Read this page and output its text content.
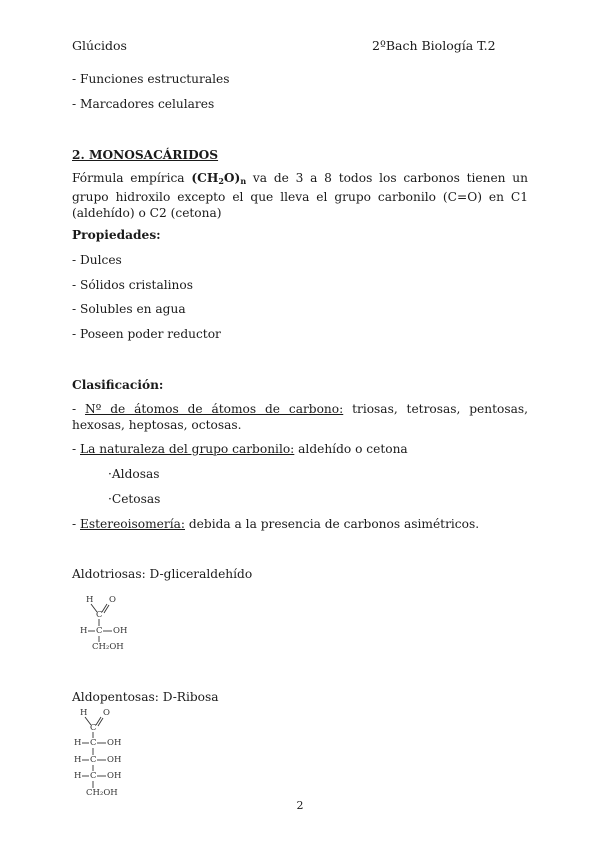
Glúcidos	2ºBach Biología T.2
- Funciones estructurales
- Marcadores celulares
2. MONOSACÁRIDOS
Fórmula empírica $(CH_2O)_n$ va de 3 a 8 todos los carbonos tienen un grupo hidroxilo excepto el que lleva el grupo carbonilo (C=O) en C1 (aldehído) o C2 (cetona)
Propiedades:
- Dulces
- Sólidos cristalinos
- Solubles en agua
- Poseen poder reductor
Clasificación:
- Nº de átomos de átomos de carbono: triosas, tetrosas, pentosas, hexosas, heptosas, octosas.
- La naturaleza del grupo carbonilo: aldehído o cetona
·Aldosas
·Cetosas
- Estereoisomería: debida a la presencia de carbonos asimétricos.
Aldotriosas: D-gliceraldehído
H O
C
H C OH
CH₂OH
Aldopentosas: D-Ribosa
H O
C
H C OH
H C OH
H C OH
CH₂OH
2
